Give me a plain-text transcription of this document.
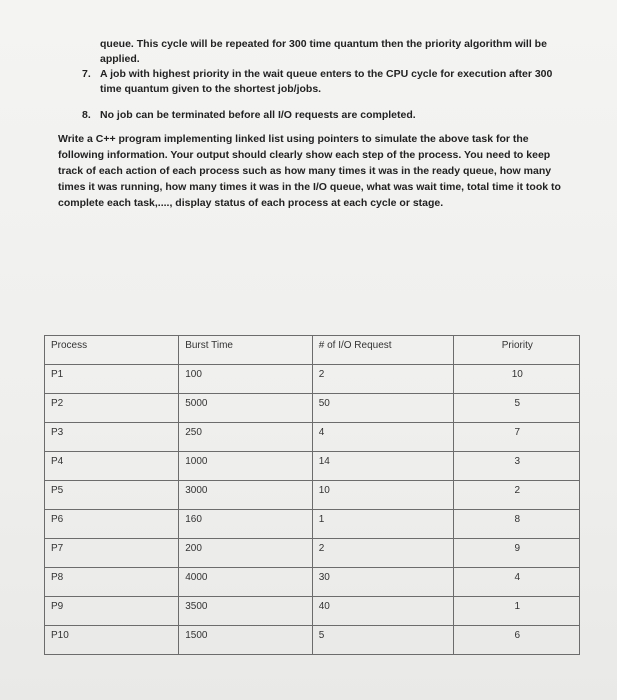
queue. This cycle will be repeated for 300 time quantum then the priority algorithm will be applied.
7. A job with highest priority in the wait queue enters to the CPU cycle for execution after 300 time quantum given to the shortest job/jobs.
8. No job can be terminated before all I/O requests are completed.
Write a C++ program implementing linked list using pointers to simulate the above task for the following information. Your output should clearly show each step of the process. You need to keep track of each action of each process such as how many times it was in the ready queue, how many times it was running, how many times it was in the I/O queue, what was wait time, total time it took to complete each task,...., display status of each process at each cycle or stage.
Process	Burst Time	# of I/O Request	Priority
P1	100	2	10
P2	5000	50	5
P3	250	4	7
P4	1000	14	3
P5	3000	10	2
P6	160	1	8
P7	200	2	9
P8	4000	30	4
P9	3500	40	1
P10	1500	5	6
